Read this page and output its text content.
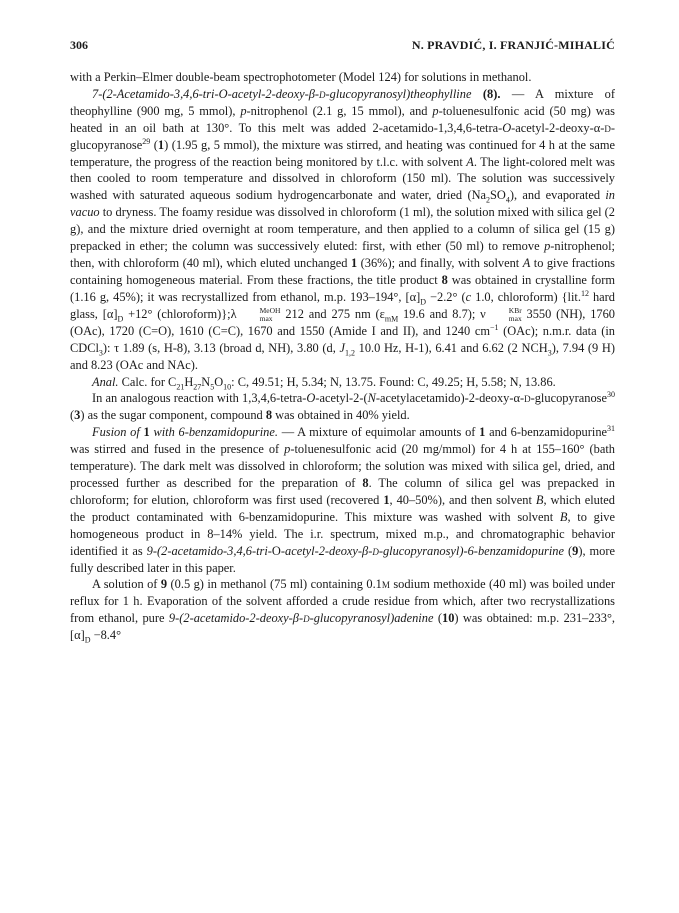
306	N. PRAVDIĆ, I. FRANJIĆ-MIHALIĆ

with a Perkin–Elmer double-beam spectrophotometer (Model 124) for solutions in methanol.

7-(2-Acetamido-3,4,6-tri-O-acetyl-2-deoxy-β-d-glucopyranosyl)theophylline (8). — A mixture of theophylline (900 mg, 5 mmol), p-nitrophenol (2.1 g, 15 mmol), and p-toluenesulfonic acid (50 mg) was heated in an oil bath at 130°. To this melt was added 2-acetamido-1,3,4,6-tetra-O-acetyl-2-deoxy-α-d-glucopyranose$^{29}$ (1) (1.95 g, 5 mmol), the mixture was stirred, and heating was continued for 4 h at the same temperature, the progress of the reaction being monitored by t.l.c. with solvent A. The light-colored melt was then cooled to room temperature and dissolved in chloroform (150 ml). The solution was successively washed with saturated aqueous sodium hydrogencarbonate and water, dried $(Na_2SO_4)$, and evaporated in vacuo to dryness. The foamy residue was dissolved in chloroform (1 ml), the solution mixed with silica gel (2 g), and the mixture dried overnight at room temperature, and then applied to a column of silica gel (15 g) prepacked in ether; the column was successively eluted: first, with ether (50 ml) to remove p-nitrophenol; then, with chloroform (40 ml), which eluted unchanged 1 (36%); and finally, with solvent A to give fractions containing homogeneous material. From these fractions, the title product 8 was obtained in crystalline form (1.16 g, 45%); it was recrystallized from ethanol, m.p. 193–194°, $[\alpha]_D -2.2^\circ$ (c 1.0, chloroform) {lit.$^{12}$ hard glass, $[\alpha]_D +12^\circ$ (chloroform)};λ	MeOH
max 212 and 275 nm ($\varepsilon_{mM}$ 19.6 and 8.7); ν	KBr
max 3550 (NH), 1760 (OAc), 1720 (C=O), 1610 (C=C), 1670 and 1550 (Amide I and II), and 1240 $cm^{-1}$ (OAc); n.m.r. data (in CDCl$_3$): τ 1.89 (s, H-8), 3.13 (broad d, NH), 3.80 (d, $J_{1,2}$ 10.0 Hz, H-1), 6.41 and 6.62 (2 $NCH_3$), 7.94 (9 H) and 8.23 (OAc and NAc).

Anal. Calc. for $C_{21}H_{27}N_5O_{10}$: C, 49.51; H, 5.34; N, 13.75. Found: C, 49.25; H, 5.58; N, 13.86.

In an analogous reaction with 1,3,4,6-tetra-O-acetyl-2-(N-acetylacetamido)-2-deoxy-α-d-glucopyranose$^{30}$ (3) as the sugar component, compound 8 was obtained in 40% yield.

Fusion of 1 with 6-benzamidopurine. — A mixture of equimolar amounts of 1 and 6-benzamidopurine$^{31}$ was stirred and fused in the presence of p-toluenesulfonic acid (20 mg/mmol) for 4 h at 155–160° (bath temperature). The dark melt was dissolved in chloroform; the solution was mixed with silica gel, dried, and processed further as described for the preparation of 8. The column of silica gel was prepacked in chloroform; for elution, chloroform was first used (recovered 1, 40–50%), and then solvent B, which eluted the product contaminated with 6-benzamidopurine. This mixture was washed with solvent B, to give homogeneous product in 8–14% yield. The i.r. spectrum, mixed m.p., and chromatographic behavior identified it as 9-(2-acetamido-3,4,6-tri-O-acetyl-2-deoxy-β-d-glucopyranosyl)-6-benzamidopurine (9), more fully described later in this paper.

A solution of 9 (0.5 g) in methanol (75 ml) containing 0.1m sodium methoxide (40 ml) was boiled under reflux for 1 h. Evaporation of the solvent afforded a crude residue from which, after two recrystallizations from ethanol, pure 9-(2-acetamido-2-deoxy-β-d-glucopyranosyl)adenine (10) was obtained: m.p. 231–233°, $[\alpha]_D -8.4^\circ$
